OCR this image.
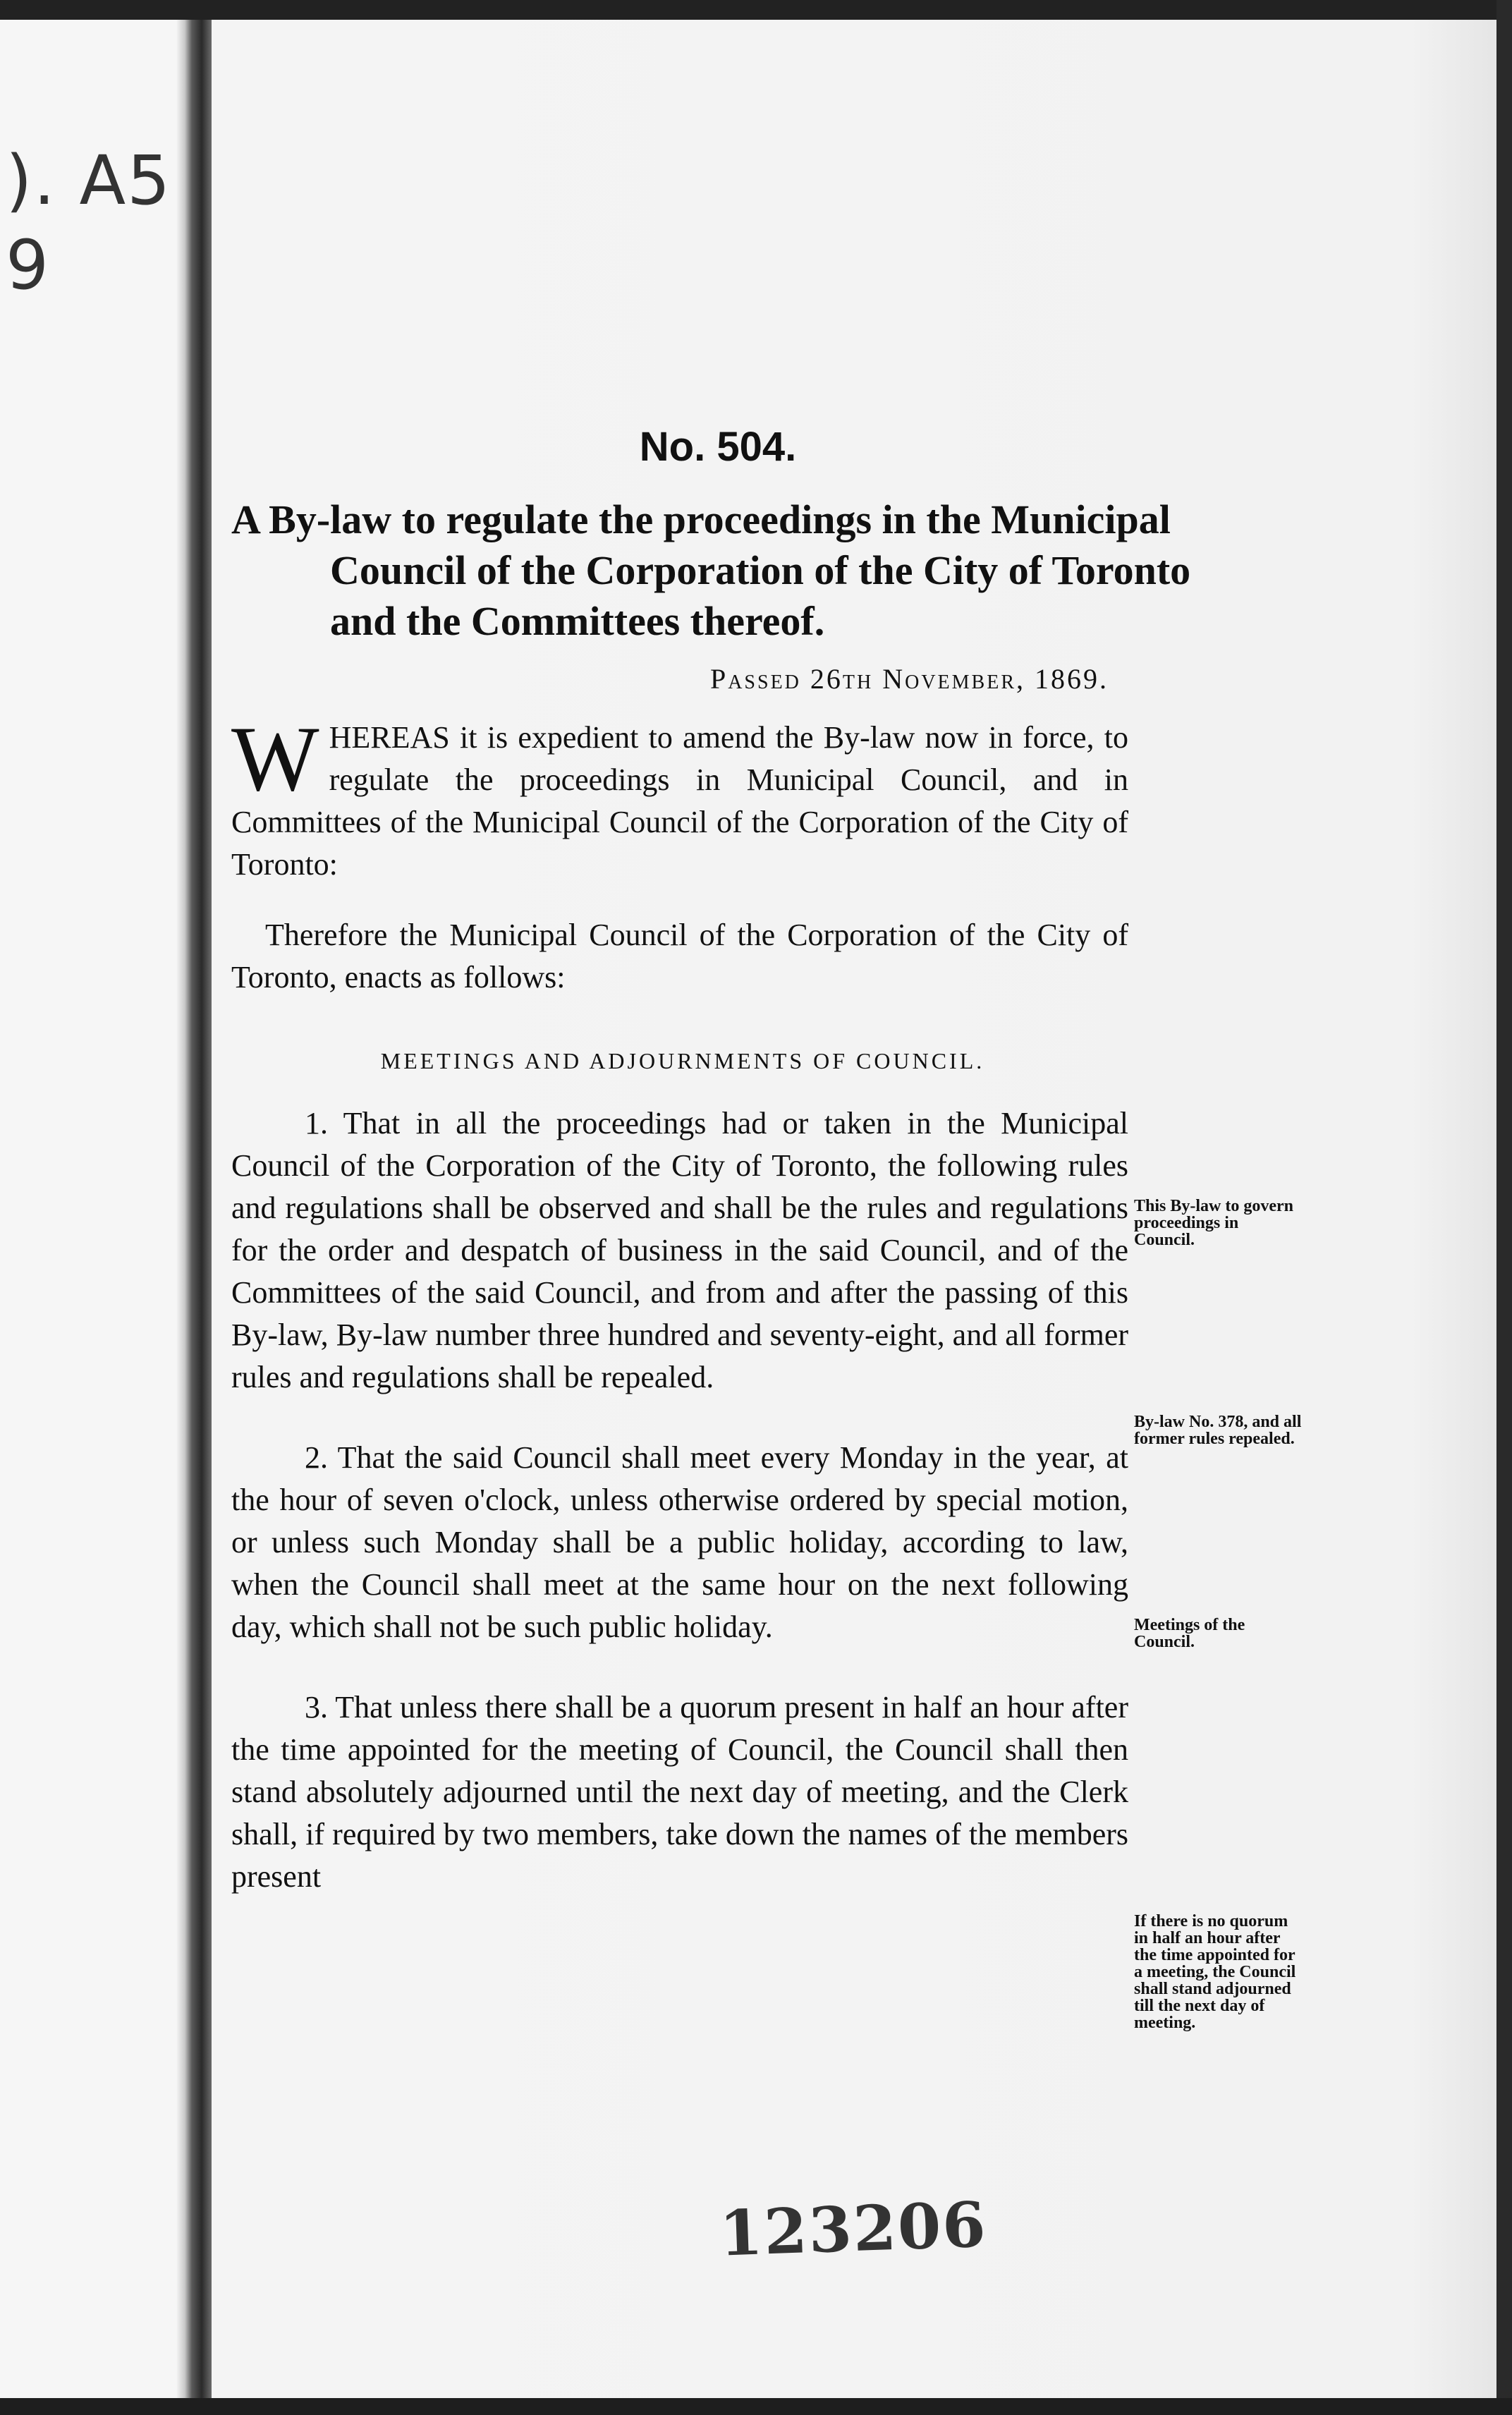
). A5
9
No. 504.

A By-law to regulate the proceedings in the Municipal Council of the Corporation of the City of Toronto and the Committees thereof.

Passed 26th November, 1869.

WHEREAS it is expedient to amend the By-law now in force, to regulate the proceedings in Municipal Council, and in Committees of the Municipal Council of the Corporation of the City of Toronto:

Therefore the Municipal Council of the Corporation of the City of Toronto, enacts as follows:

MEETINGS AND ADJOURNMENTS OF COUNCIL.

1. That in all the proceedings had or taken in the Municipal Council of the Corporation of the City of Toronto, the following rules and regulations shall be observed and shall be the rules and regulations for the order and despatch of business in the said Council, and of the Committees of the said Council, and from and after the passing of this By-law, By-law number three hundred and seventy-eight, and all former rules and regulations shall be repealed.

2. That the said Council shall meet every Monday in the year, at the hour of seven o'clock, unless otherwise ordered by special motion, or unless such Monday shall be a public holiday, according to law, when the Council shall meet at the same hour on the next following day, which shall not be such public holiday.

3. That unless there shall be a quorum present in half an hour after the time appointed for the meeting of Council, the Council shall then stand absolutely adjourned until the next day of meeting, and the Clerk shall, if required by two members, take down the names of the members present

This By-law to govern proceedings in Council.
By-law No. 378, and all former rules repealed.
Meetings of the Council.
If there is no quorum in half an hour after the time appointed for a meeting, the Council shall stand adjourned till the next day of meeting.
123206
